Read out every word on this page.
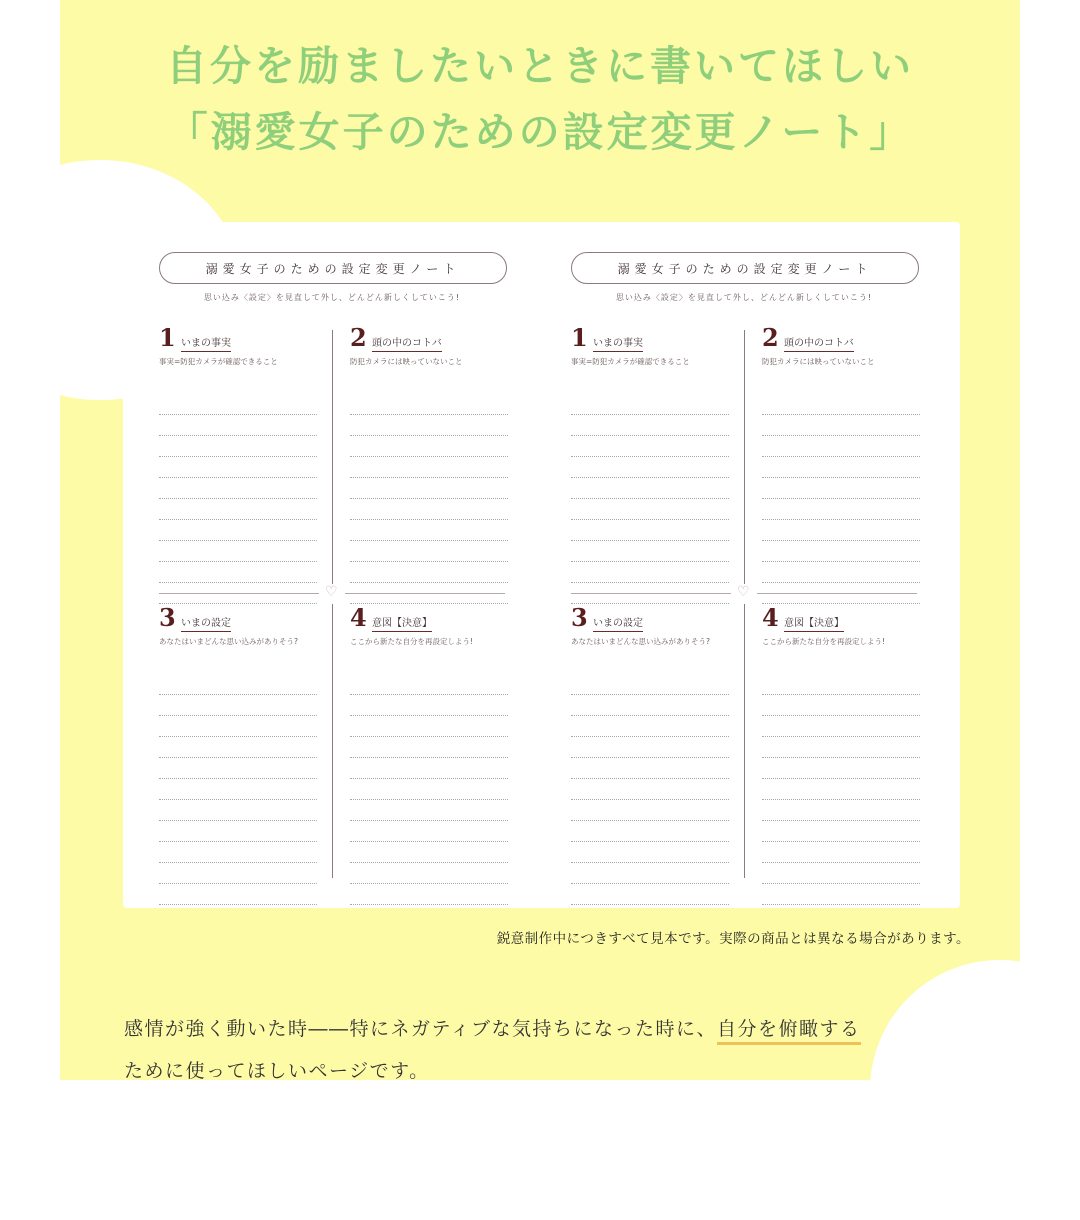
自分を励ましたいときに書いてほしい
「溺愛女子のための設定変更ノート」
溺愛女子のための設定変更ノート
思い込み〈設定〉を見直して外し、どんどん新しくしていこう!
♡
1 いまの事実
事実=防犯カメラが確認できること
2 頭の中のコトバ
防犯カメラには映っていないこと
3 いまの設定
あなたはいまどんな思い込みがありそう?
4 意図【決意】
ここから新たな自分を再設定しよう!
溺愛女子のための設定変更ノート
思い込み〈設定〉を見直して外し、どんどん新しくしていこう!
♡
1 いまの事実
事実=防犯カメラが確認できること
2 頭の中のコトバ
防犯カメラには映っていないこと
3 いまの設定
あなたはいまどんな思い込みがありそう?
4 意図【決意】
ここから新たな自分を再設定しよう!
鋭意制作中につきすべて見本です。実際の商品とは異なる場合があります。
感情が強く動いた時――特にネガティブな気持ちになった時に、自分を俯瞰する
ために使ってほしいページです。
